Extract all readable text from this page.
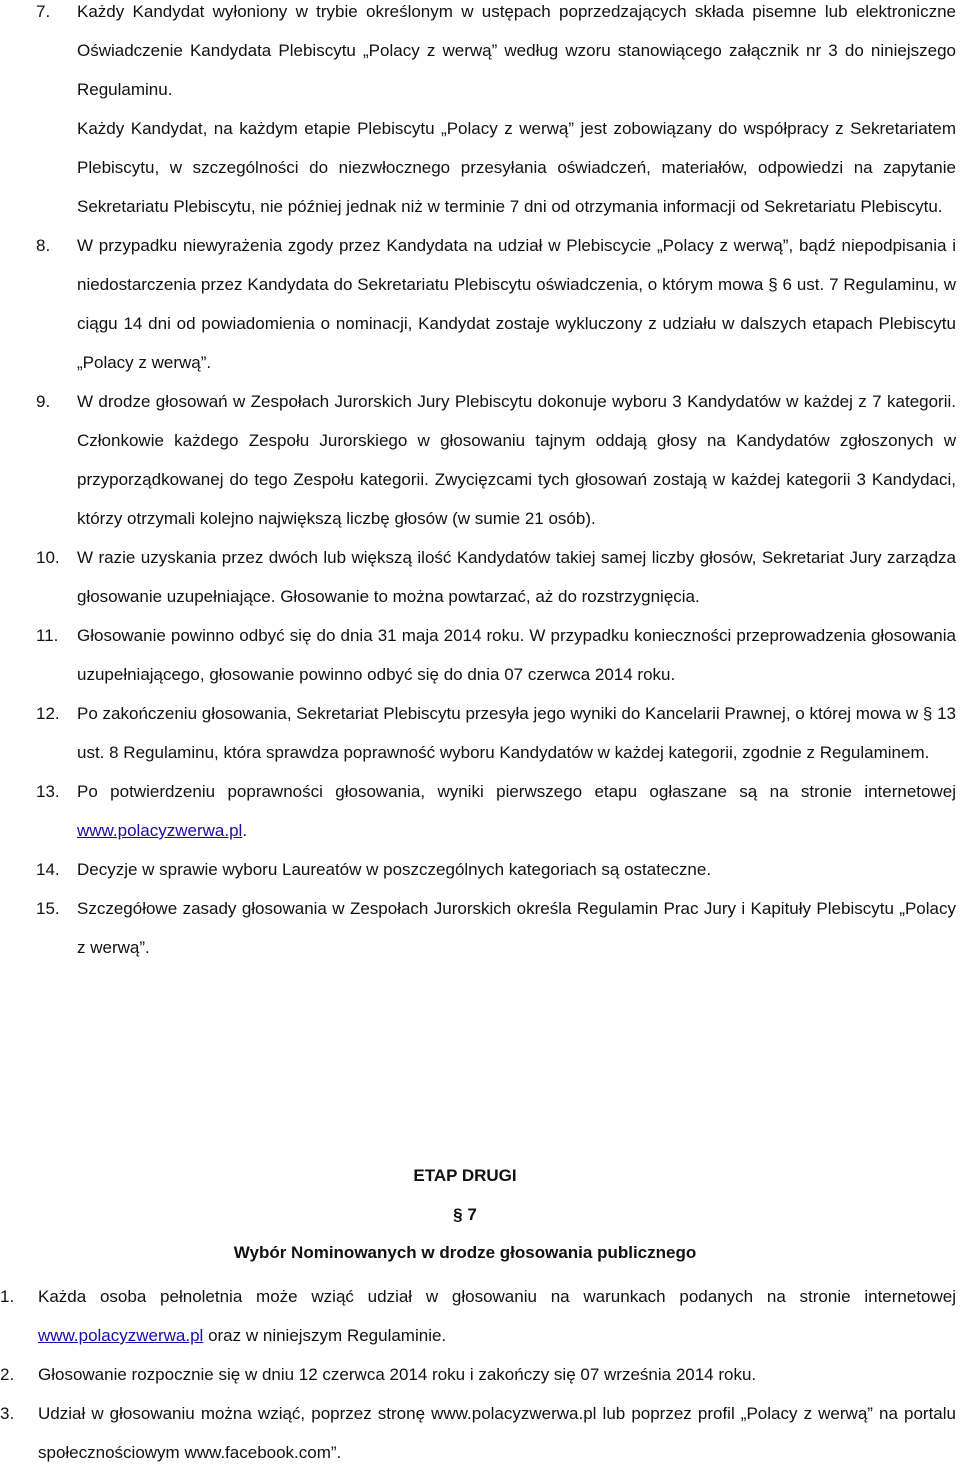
7. Każdy Kandydat wyłoniony w trybie określonym w ustępach poprzedzających składa pisemne lub elektroniczne Oświadczenie Kandydata Plebiscytu „Polacy z werwą” według wzoru stanowiącego załącznik nr 3 do niniejszego Regulaminu.
Każdy Kandydat, na każdym etapie Plebiscytu „Polacy z werwą” jest zobowiązany do współpracy z Sekretariatem Plebiscytu, w szczególności do niezwłocznego przesyłania oświadczeń, materiałów, odpowiedzi na zapytanie Sekretariatu Plebiscytu, nie później jednak niż w terminie 7 dni od otrzymania informacji od Sekretariatu Plebiscytu.
8. W przypadku niewyrażenia zgody przez Kandydata na udział w Plebiscycie „Polacy z werwą”, bądź niepodpisania i niedostarczenia przez Kandydata do Sekretariatu Plebiscytu oświadczenia, o którym mowa § 6 ust. 7 Regulaminu, w ciągu 14 dni od powiadomienia o nominacji, Kandydat zostaje wykluczony z udziału w dalszych etapach Plebiscytu „Polacy z werwą”.
9. W drodze głosowań w Zespołach Jurorskich Jury Plebiscytu dokonuje wyboru 3 Kandydatów w każdej z 7 kategorii. Członkowie każdego Zespołu Jurorskiego w głosowaniu tajnym oddają głosy na Kandydatów zgłoszonych w przyporządkowanej do tego Zespołu kategorii. Zwycięzcami tych głosowań zostają w każdej kategorii 3 Kandydaci, którzy otrzymali kolejno największą liczbę głosów (w sumie 21 osób).
10. W razie uzyskania przez dwóch lub większą ilość Kandydatów takiej samej liczby głosów, Sekretariat Jury zarządza głosowanie uzupełniające. Głosowanie to można powtarzać, aż do rozstrzygnięcia.
11. Głosowanie powinno odbyć się do dnia 31 maja 2014 roku. W przypadku konieczności przeprowadzenia głosowania uzupełniającego, głosowanie powinno odbyć się do dnia 07 czerwca 2014 roku.
12. Po zakończeniu głosowania, Sekretariat Plebiscytu przesyła jego wyniki do Kancelarii Prawnej, o której mowa w § 13 ust. 8 Regulaminu, która sprawdza poprawność wyboru Kandydatów w każdej kategorii, zgodnie z Regulaminem.
13. Po potwierdzeniu poprawności głosowania, wyniki pierwszego etapu ogłaszane są na stronie internetowej www.polacyzwerwa.pl.
14. Decyzje w sprawie wyboru Laureatów w poszczególnych kategoriach są ostateczne.
15. Szczegółowe zasady głosowania w Zespołach Jurorskich określa Regulamin Prac Jury i Kapituły Plebiscytu „Polacy z werwą”.
ETAP DRUGI
§ 7
Wybór Nominowanych w drodze głosowania publicznego
1. Każda osoba pełnoletnia może wziąć udział w głosowaniu na warunkach podanych na stronie internetowej www.polacyzwerwa.pl oraz w niniejszym Regulaminie.
2. Głosowanie rozpocznie się w dniu 12 czerwca 2014 roku i zakończy się 07 września 2014 roku.
3. Udział w głosowaniu można wziąć, poprzez stronę www.polacyzwerwa.pl lub poprzez profil „Polacy z werwą” na portalu społecznościowym www.facebook.com”.
